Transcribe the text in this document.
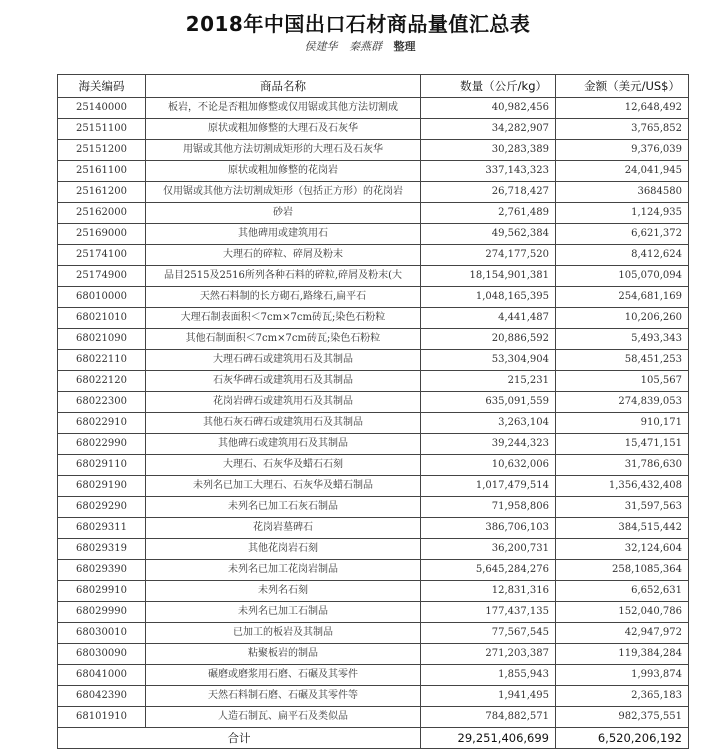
2018年中国出口石材商品量值汇总表
侯建华 秦燕群 整理
海关编码	商品名称	数量（公斤/kg）	金额（美元/US$）
25140000	板岩，不论是否粗加修整或仅用锯或其他方法切割成	40,982,456	12,648,492
25151100	原状或粗加修整的大理石及石灰华	34,282,907	3,765,852
25151200	用锯或其他方法切割成矩形的大理石及石灰华	30,283,389	9,376,039
25161100	原状或粗加修整的花岗岩	337,143,323	24,041,945
25161200	仅用锯或其他方法切割成矩形（包括正方形）的花岗岩	26,718,427	3684580
25162000	砂岩	2,761,489	1,124,935
25169000	其他碑用或建筑用石	49,562,384	6,621,372
25174100	大理石的碎粒、碎屑及粉末	274,177,520	8,412,624
25174900	品目2515及2516所列各种石料的碎粒,碎屑及粉末(大	18,154,901,381	105,070,094
68010000	天然石料制的长方砌石,路缘石,扁平石	1,048,165,395	254,681,169
68021010	大理石制表面积＜7cm×7cm砖瓦;染色石粉粒	4,441,487	10,206,260
68021090	其他石制面积＜7cm×7cm砖瓦;染色石粉粒	20,886,592	5,493,343
68022110	大理石碑石或建筑用石及其制品	53,304,904	58,451,253
68022120	石灰华碑石或建筑用石及其制品	215,231	105,567
68022300	花岗岩碑石或建筑用石及其制品	635,091,559	274,839,053
68022910	其他石灰石碑石或建筑用石及其制品	3,263,104	910,171
68022990	其他碑石或建筑用石及其制品	39,244,323	15,471,151
68029110	大理石、石灰华及蜡石石刻	10,632,006	31,786,630
68029190	未列名已加工大理石、石灰华及蜡石制品	1,017,479,514	1,356,432,408
68029290	未列名已加工石灰石制品	71,958,806	31,597,563
68029311	花岗岩墓碑石	386,706,103	384,515,442
68029319	其他花岗岩石刻	36,200,731	32,124,604
68029390	未列名已加工花岗岩制品	5,645,284,276	258,1085,364
68029910	未列名石刻	12,831,316	6,652,631
68029990	未列名已加工石制品	177,437,135	152,040,786
68030010	已加工的板岩及其制品	77,567,545	42,947,972
68030090	粘聚板岩的制品	271,203,387	119,384,284
68041000	碾磨或磨浆用石磨、石碾及其零件	1,855,943	1,993,874
68042390	天然石料制石磨、石碾及其零件等	1,941,495	2,365,183
68101910	人造石制瓦、扁平石及类似品	784,882,571	982,375,551
合计		29,251,406,699	6,520,206,192
